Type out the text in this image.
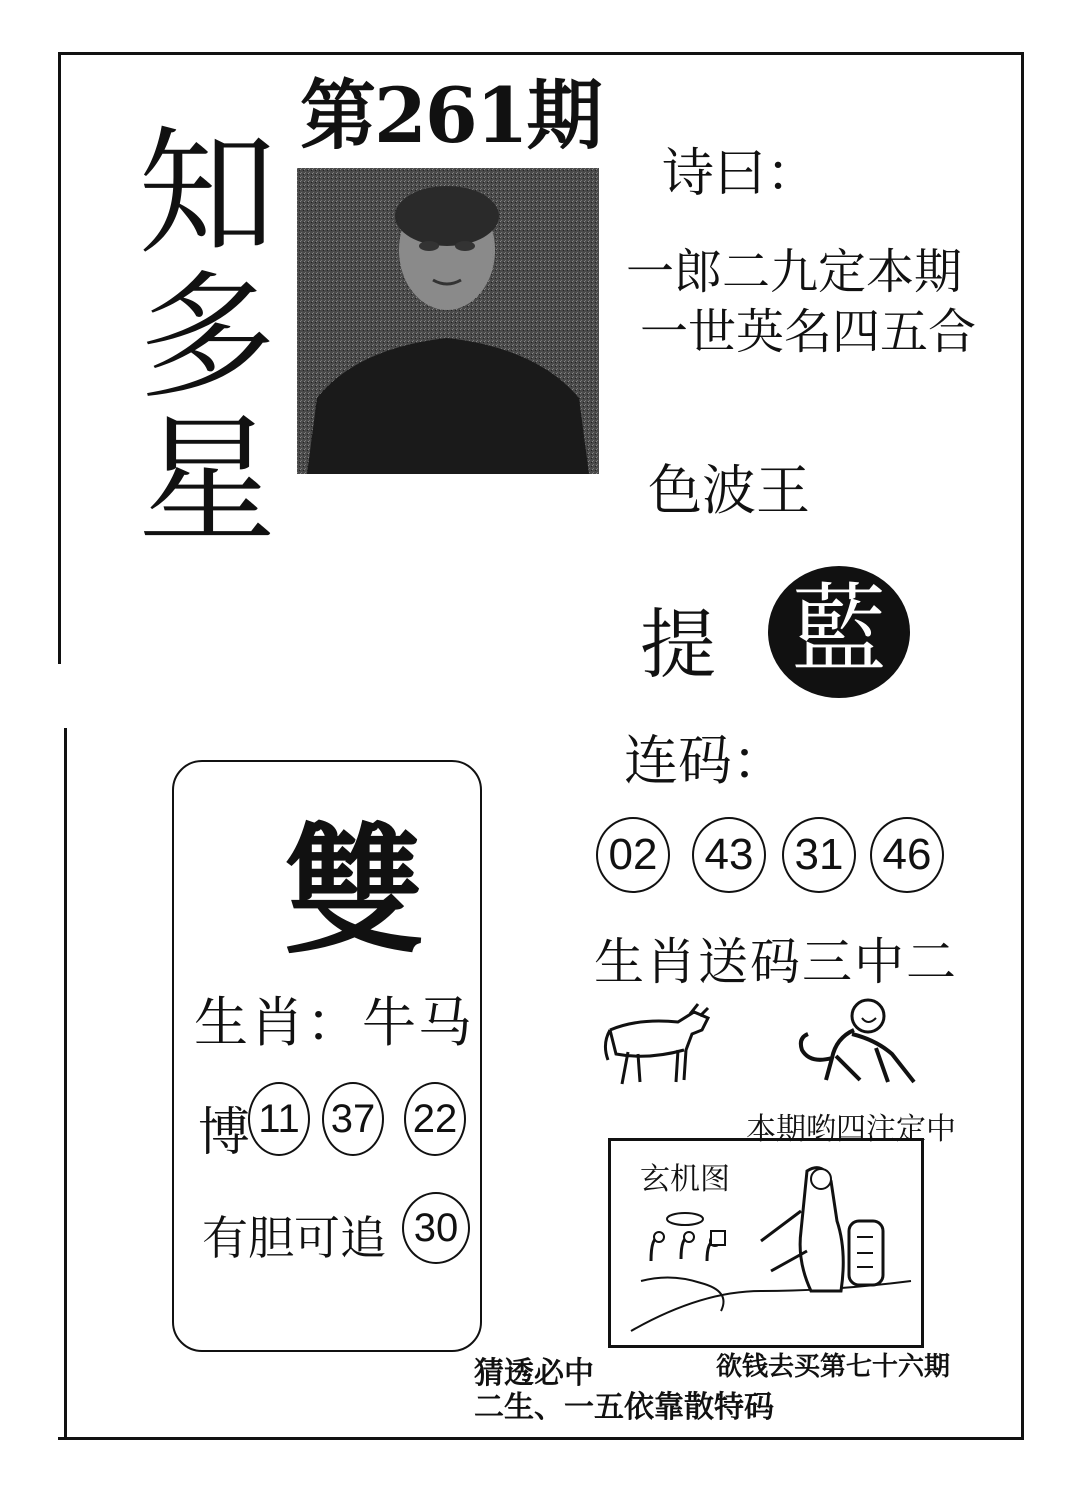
第261期
知
多
星
诗曰：
一郎二九定本期
一世英名四五合
色波王
提 藍
连码：
02 43 31 46
生肖送码三中二
本期哟四注定中
雙
生肖：牛马
博 11 37 22
有胆可追 30
玄机图
猜透必中
二生、一五依靠散特码
欲钱去买第七十六期
